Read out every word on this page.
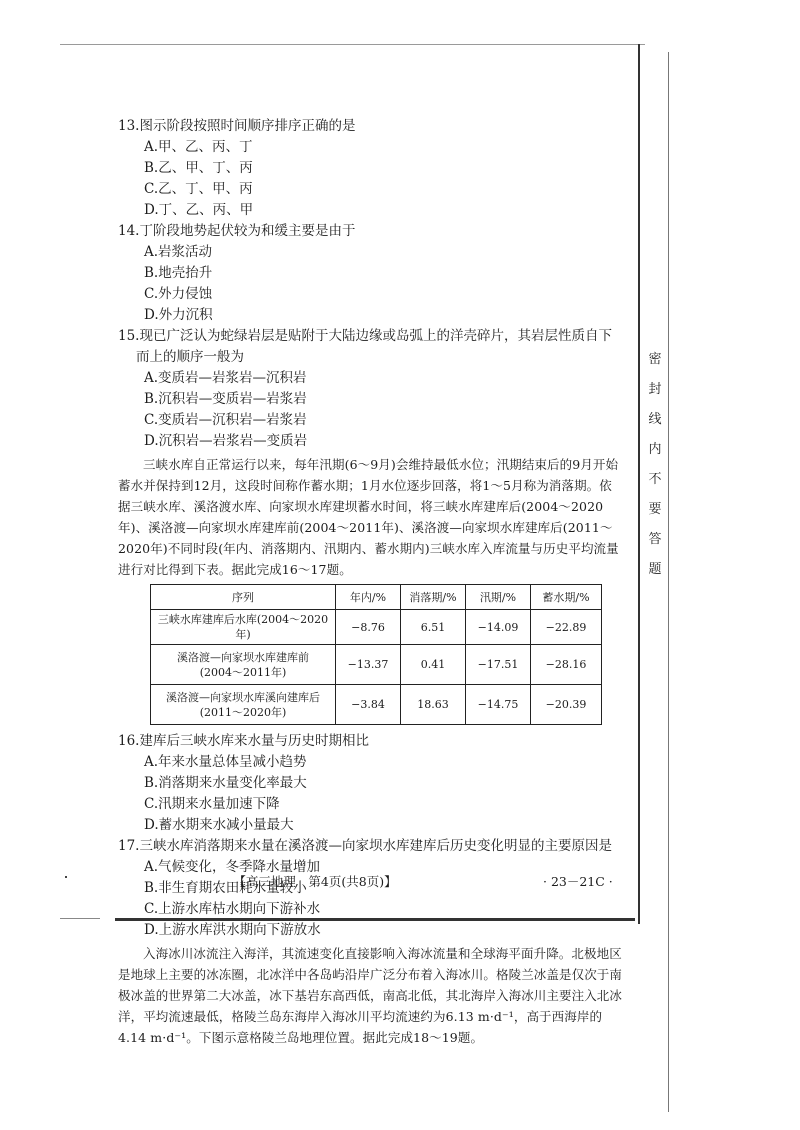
密
封
线
内
不
要
答
题

13.图示阶段按照时间顺序排序正确的是

A.甲、乙、丙、丁
B.乙、甲、丁、丙
C.乙、丁、甲、丙
D.丁、乙、丙、甲

14.丁阶段地势起伏较为和缓主要是由于

A.岩浆活动
B.地壳抬升
C.外力侵蚀
D.外力沉积

15.现已广泛认为蛇绿岩层是贴附于大陆边缘或岛弧上的洋壳碎片，其岩层性质自下而上的顺序一般为

A.变质岩—岩浆岩—沉积岩
B.沉积岩—变质岩—岩浆岩
C.变质岩—沉积岩—岩浆岩
D.沉积岩—岩浆岩—变质岩

三峡水库自正常运行以来，每年汛期(6～9月)会维持最低水位；汛期结束后的9月开始蓄水并保持到12月，这段时间称作蓄水期；1月水位逐步回落，将1～5月称为消落期。依据三峡水库、溪洛渡水库、向家坝水库建坝蓄水时间，将三峡水库建库后(2004～2020年)、溪洛渡—向家坝水库建库前(2004～2011年)、溪洛渡—向家坝水库建库后(2011～2020年)不同时段(年内、消落期内、汛期内、蓄水期内)三峡水库入库流量与历史平均流量进行对比得到下表。据此完成16～17题。

序列	年内/%	消落期/%	汛期/%	蓄水期/%
三峡水库建库后水库(2004～2020年)	−8.76	6.51	−14.09	−22.89
溪洛渡—向家坝水库建库前
(2004～2011年)	−13.37	0.41	−17.51	−28.16
溪洛渡—向家坝水库溪向建库后
(2011～2020年)	−3.84	18.63	−14.75	−20.39

16.建库后三峡水库来水量与历史时期相比

A.年来水量总体呈减小趋势
B.消落期来水量变化率最大
C.汛期来水量加速下降
D.蓄水期来水减小量最大

17.三峡水库消落期来水量在溪洛渡—向家坝水库建库后历史变化明显的主要原因是

A.气候变化，冬季降水量增加
B.非生育期农田耗水量较小
C.上游水库枯水期向下游补水
D.上游水库洪水期向下游放水

入海冰川冰流注入海洋，其流速变化直接影响入海冰流量和全球海平面升降。北极地区是地球上主要的冰冻圈，北冰洋中各岛屿沿岸广泛分布着入海冰川。格陵兰冰盖是仅次于南极冰盖的世界第二大冰盖，冰下基岩东高西低，南高北低，其北海岸入海冰川主要注入北冰洋，平均流速最低，格陵兰岛东海岸入海冰川平均流速约为6.13 m·d⁻¹，高于西海岸的4.14 m·d⁻¹。下图示意格陵兰岛地理位置。据此完成18～19题。

【高三地理　第4页(共8页)】	· 23－21C ·
